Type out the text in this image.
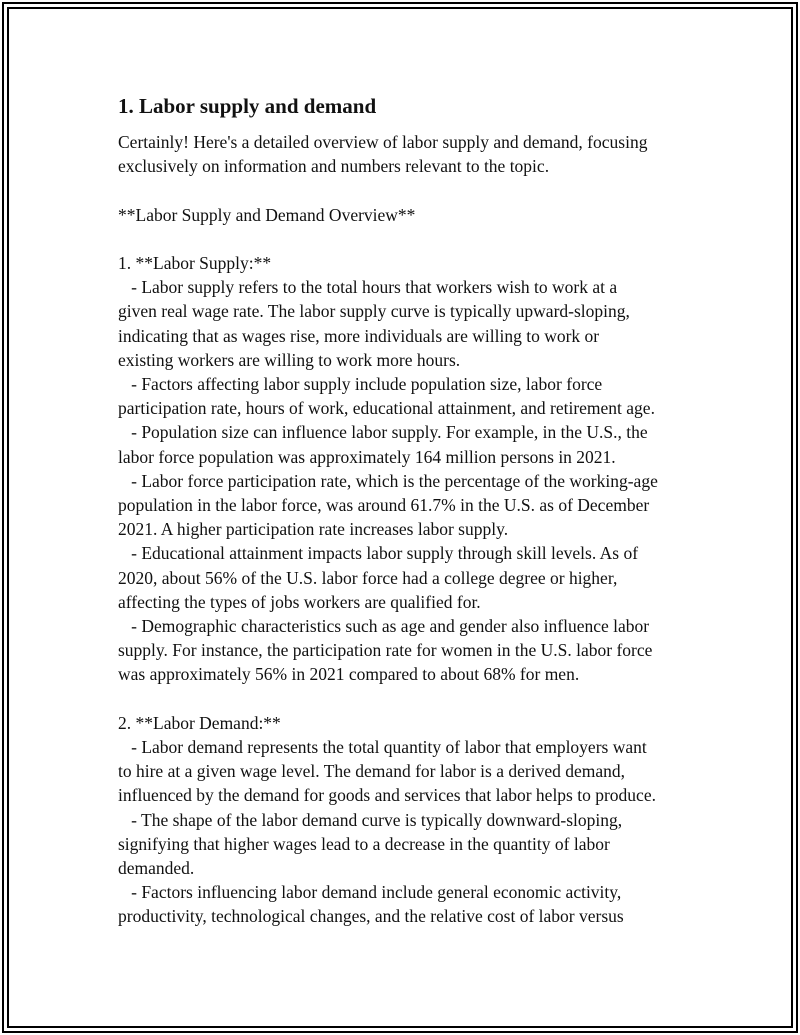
1. Labor supply and demand
Certainly! Here's a detailed overview of labor supply and demand, focusing
exclusively on information and numbers relevant to the topic.
**Labor Supply and Demand Overview**
1. **Labor Supply:**
- Labor supply refers to the total hours that workers wish to work at a
given real wage rate. The labor supply curve is typically upward-sloping,
indicating that as wages rise, more individuals are willing to work or
existing workers are willing to work more hours.
- Factors affecting labor supply include population size, labor force
participation rate, hours of work, educational attainment, and retirement age.
- Population size can influence labor supply. For example, in the U.S., the
labor force population was approximately 164 million persons in 2021.
- Labor force participation rate, which is the percentage of the working-age
population in the labor force, was around 61.7% in the U.S. as of December
2021. A higher participation rate increases labor supply.
- Educational attainment impacts labor supply through skill levels. As of
2020, about 56% of the U.S. labor force had a college degree or higher,
affecting the types of jobs workers are qualified for.
- Demographic characteristics such as age and gender also influence labor
supply. For instance, the participation rate for women in the U.S. labor force
was approximately 56% in 2021 compared to about 68% for men.
2. **Labor Demand:**
- Labor demand represents the total quantity of labor that employers want
to hire at a given wage level. The demand for labor is a derived demand,
influenced by the demand for goods and services that labor helps to produce.
- The shape of the labor demand curve is typically downward-sloping,
signifying that higher wages lead to a decrease in the quantity of labor
demanded.
- Factors influencing labor demand include general economic activity,
productivity, technological changes, and the relative cost of labor versus
